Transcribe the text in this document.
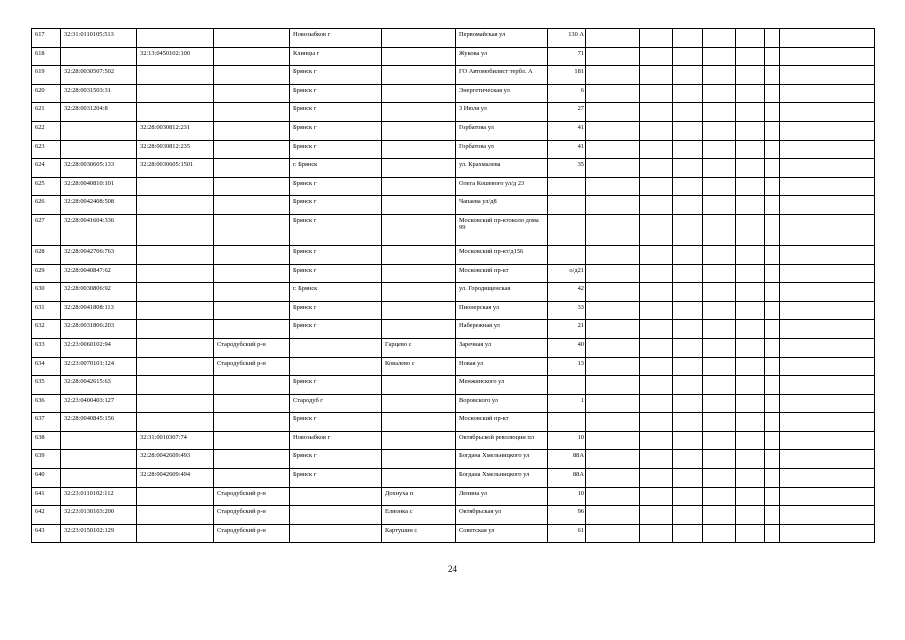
617	32:31:0110105:513			Новозыбков г		Первомайская ул	130 А							
618		32:13:0450102:100		Клинцы г		Жукова ул	71							
619	32:28:0030507:502			Брянск г		ГО Автомобилист тербл. А	181							
620	32:28:0031503:31			Брянск г		Энергетическая ул	6							
621	32:28:0031204:8			Брянск г		3 Июля ул	27							
622		32:28:0030812:231		Брянск г		Горбатова ул	41							
623		32:28:0030812:235		Брянск г		Горбатова ул	41							
624	32:28:0030605:133	32:28:0030605:1501		г. Брянск		ул. Крахмалева	35							
625	32:28:0040810:101			Брянск г		Олега Кошевого ул/д 23								
626	32:28:0042408:508			Брянск г		Чапаева ул/д8								
627	32:28:0041604:336			Брянск г		Московский пр-ктоколо дома 99								
628	32:28:0042706:763			Брянск г		Московский пр-кт/д156								
629	32:28:0040847:62			Брянск г		Московский пр-кт	о/д21							
630	32:28:0030806:92			г. Брянск		ул. Городищенская	42							
631	32:28:0041808:113			Брянск г		Пионерская ул	33							
632	32:28:0031806:203			Брянск г		Набережная ул	21							
633	32:23:0060102:94		Стародубский р-н		Гарцево с	Заречная ул	40							
634	32:23:0070101:124		Стародубский р-н		Ковалево с	Новая ул	13							
635	32:28:0042615:63			Брянск г		Менжинского ул								
636	32:23:0400403:127			Стародуб г		Воровского ул	1							
637	32:28:0040845:156			Брянск г		Московский пр-кт								
638		32:31:0010307:74		Новозыбков г		Октябрьской революции пл	10							
639		32:28:0042609:493		Брянск г		Богдана Хмельницкого ул	88А							
640		32:28:0042609:494		Брянск г		Богдана Хмельницкого ул	88А							
641	32:23:0110102:112		Стародубский р-н		Дохнуха п	Ленина ул	10							
642	32:23:0130103:200		Стародубский р-н		Елионка с	Октябрьская ул	96							
643	32:23:0150102:129		Стародубский р-н		Картушин с	Советская ул	61							
24
